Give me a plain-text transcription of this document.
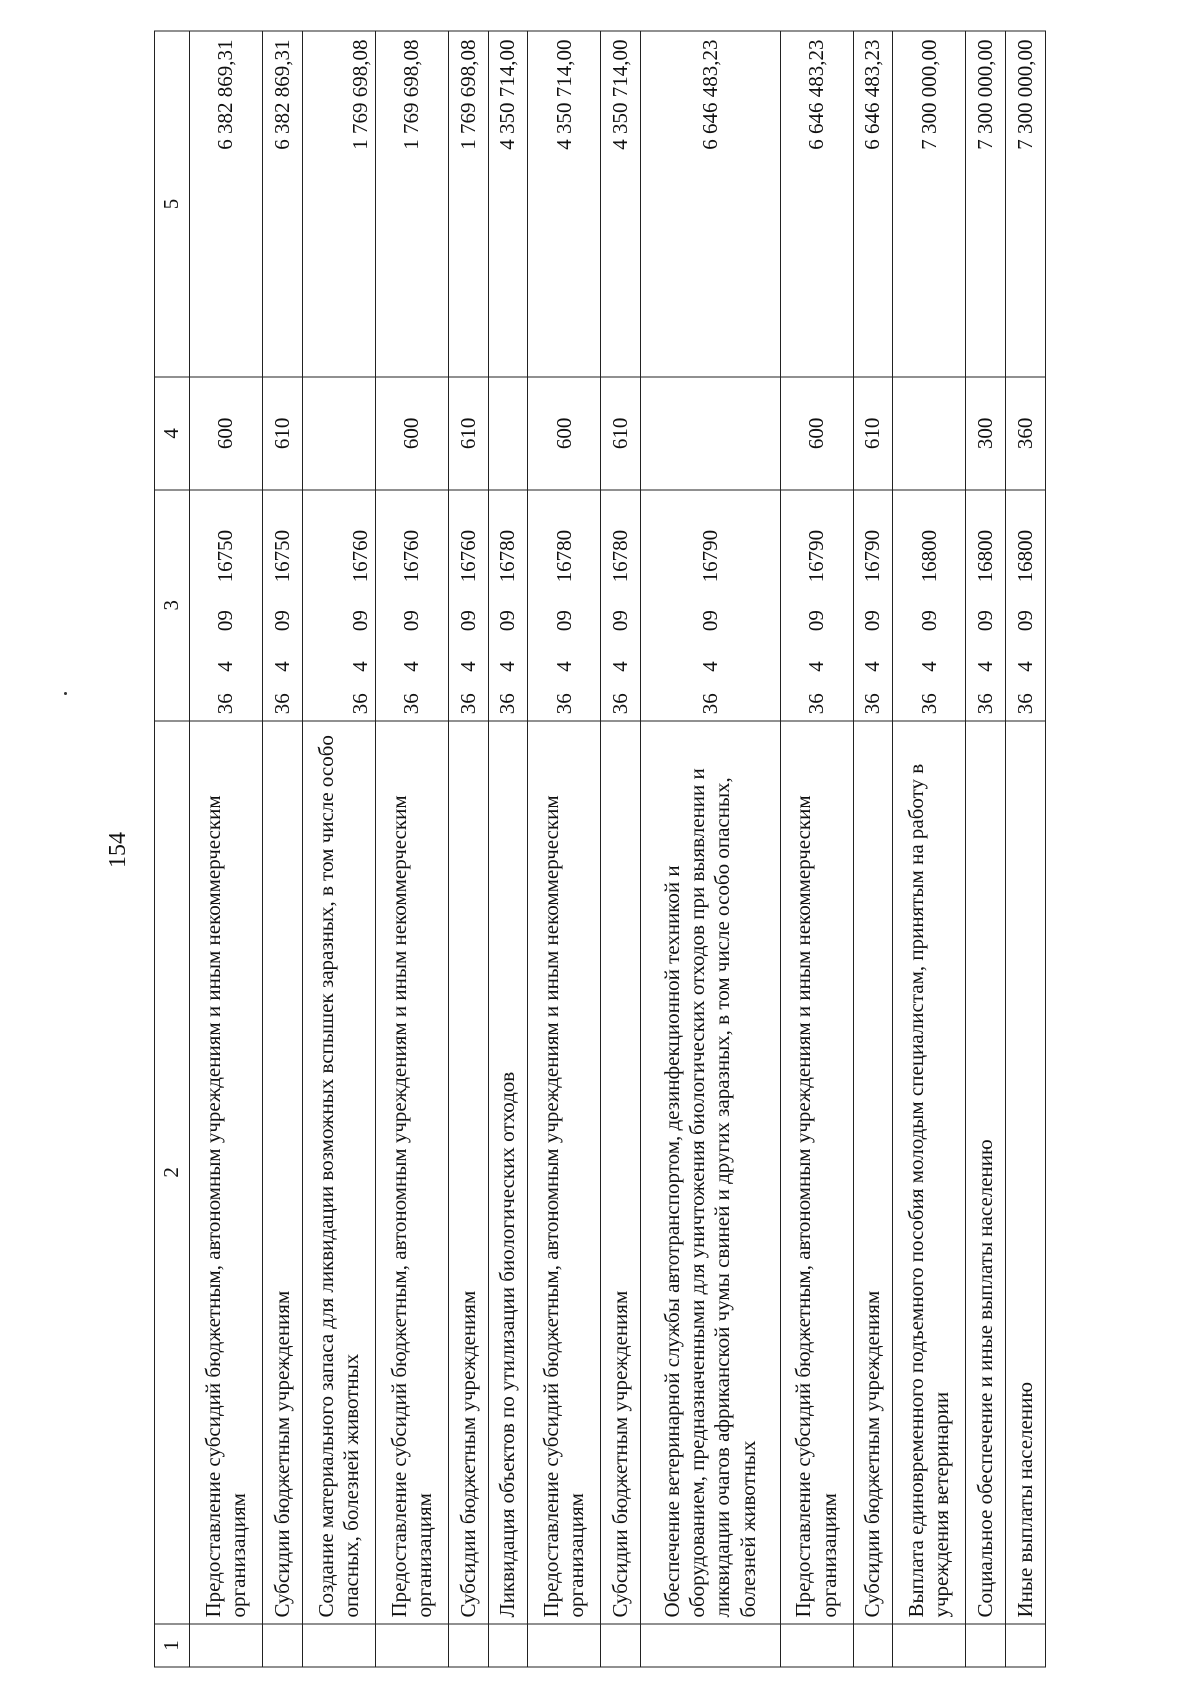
154
1	2	3				4	5
	Предоставление субсидий бюджетным, автономным учреждениям и иным некоммерческим организациям	36	4	09	16750	600	6 382 869,31
	Субсидии бюджетным учреждениям	36	4	09	16750	610	6 382 869,31
	Создание материального запаса для ликвидации возможных вспышек заразных, в том числе особо опасных, болезней животных	36	4	09	16760		1 769 698,08
	Предоставление субсидий бюджетным, автономным учреждениям и иным некоммерческим организациям	36	4	09	16760	600	1 769 698,08
	Субсидии бюджетным учреждениям	36	4	09	16760	610	1 769 698,08
	Ликвидация объектов по утилизации биологических отходов	36	4	09	16780		4 350 714,00
	Предоставление субсидий бюджетным, автономным учреждениям и иным некоммерческим организациям	36	4	09	16780	600	4 350 714,00
	Субсидии бюджетным учреждениям	36	4	09	16780	610	4 350 714,00
	Обеспечение ветеринарной службы автотранспортом, дезинфекционной техникой и оборудованием, предназначенными для уничтожения биологических отходов при выявлении и ликвидации очагов африканской чумы свиней и других заразных, в том числе особо опасных, болезней животных	36	4	09	16790		6 646 483,23
	Предоставление субсидий бюджетным, автономным учреждениям и иным некоммерческим организациям	36	4	09	16790	600	6 646 483,23
	Субсидии бюджетным учреждениям	36	4	09	16790	610	6 646 483,23
	Выплата единовременного подъемного пособия молодым специалистам, принятым на работу в учреждения ветеринарии	36	4	09	16800		7 300 000,00
	Социальное обеспечение и иные выплаты населению	36	4	09	16800	300	7 300 000,00
	Иные выплаты населению	36	4	09	16800	360	7 300 000,00
